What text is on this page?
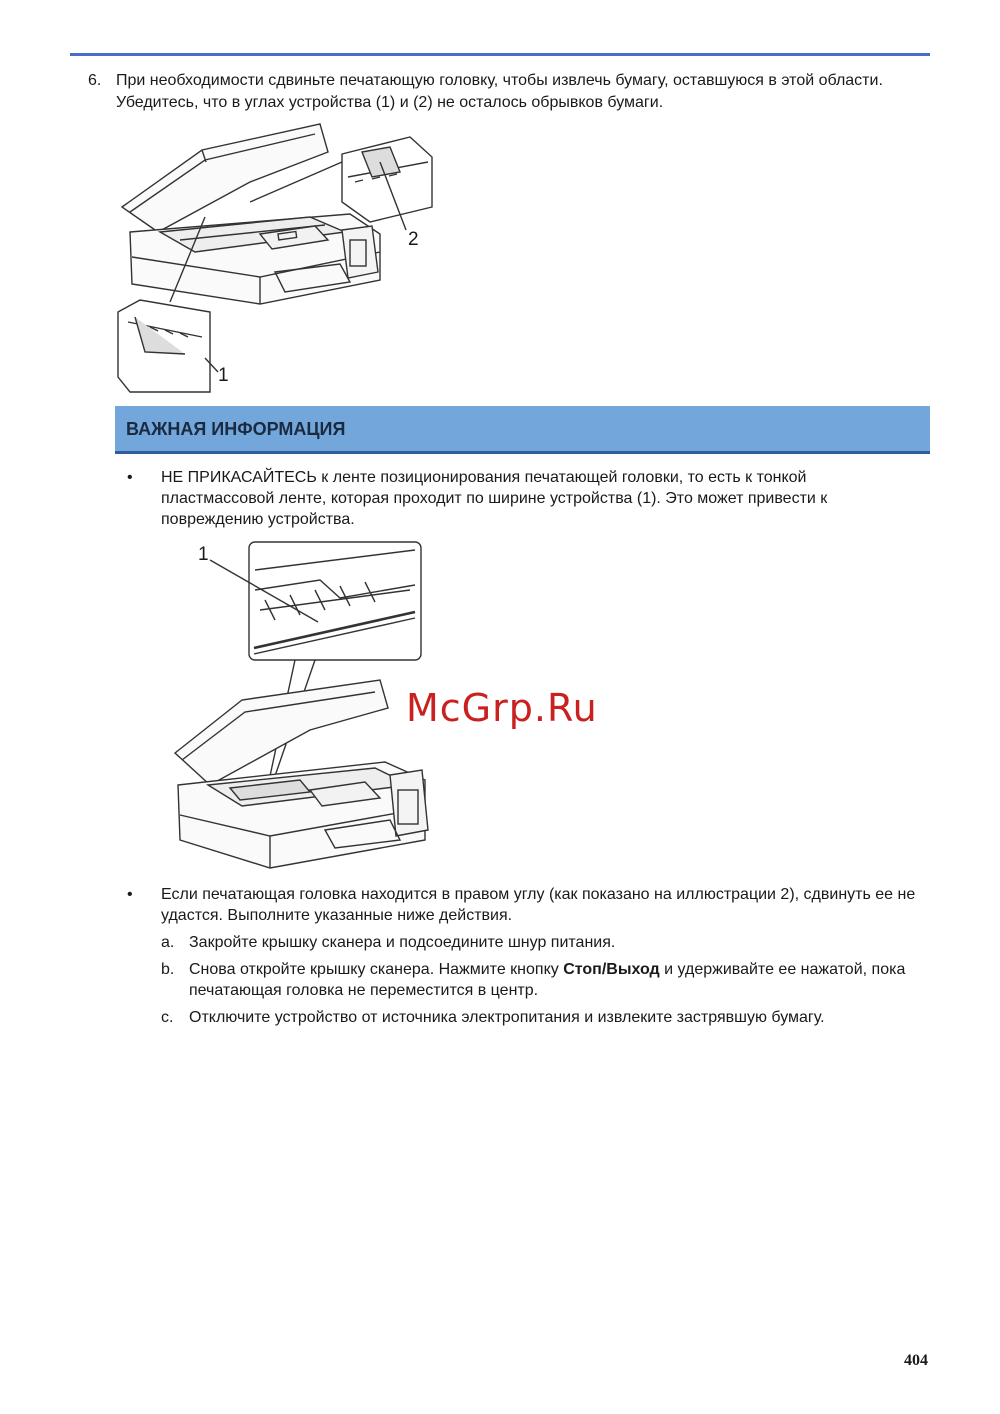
6. При необходимости сдвиньте печатающую головку, чтобы извлечь бумагу, оставшуюся в этой области. Убедитесь, что в углах устройства (1) и (2) не осталось обрывков бумаги.
1
2
ВАЖНАЯ ИНФОРМАЦИЯ
• НЕ ПРИКАСАЙТЕСЬ к ленте позиционирования печатающей головки, то есть к тонкой пластмассовой ленте, которая проходит по ширине устройства (1). Это может привести к повреждению устройства.
1
McGrp.Ru
• Если печатающая головка находится в правом углу (как показано на иллюстрации 2), сдвинуть ее не удастся. Выполните указанные ниже действия.
a. Закройте крышку сканера и подсоедините шнур питания.
b. Снова откройте крышку сканера. Нажмите кнопку Стоп/Выход и удерживайте ее нажатой, пока печатающая головка не переместится в центр.
c. Отключите устройство от источника электропитания и извлеките застрявшую бумагу.
404
